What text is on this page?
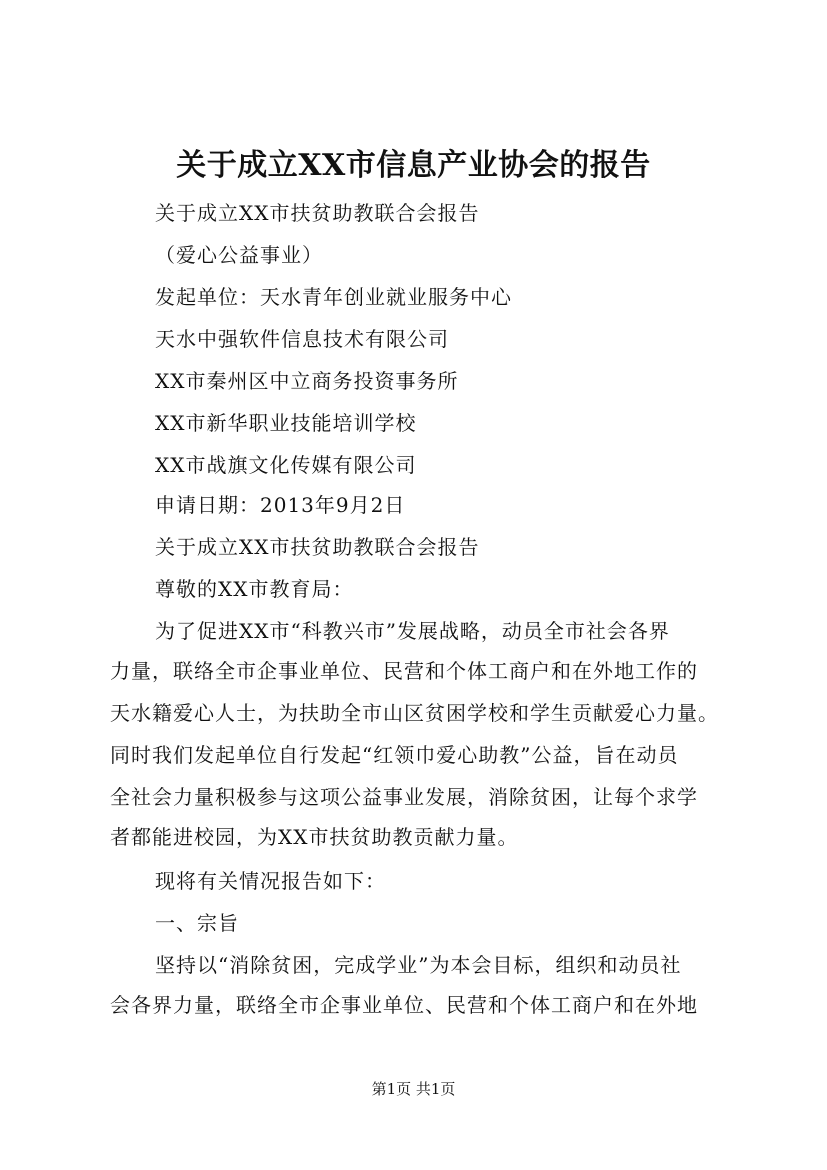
关于成立XX市信息产业协会的报告
关于成立XX市扶贫助教联合会报告
（爱心公益事业）
发起单位：天水青年创业就业服务中心
天水中强软件信息技术有限公司
XX市秦州区中立商务投资事务所
XX市新华职业技能培训学校
XX市战旗文化传媒有限公司
申请日期：2013年9月2日
关于成立XX市扶贫助教联合会报告
尊敬的XX市教育局：
为了促进XX市“科教兴市”发展战略，动员全市社会各界
力量，联络全市企事业单位、民营和个体工商户和在外地工作的
天水籍爱心人士，为扶助全市山区贫困学校和学生贡献爱心力量。
同时我们发起单位自行发起“红领巾爱心助教”公益，旨在动员
全社会力量积极参与这项公益事业发展，消除贫困，让每个求学
者都能进校园，为XX市扶贫助教贡献力量。
现将有关情况报告如下：
一、宗旨
坚持以“消除贫困，完成学业”为本会目标，组织和动员社
会各界力量，联络全市企事业单位、民营和个体工商户和在外地
第1页 共1页
